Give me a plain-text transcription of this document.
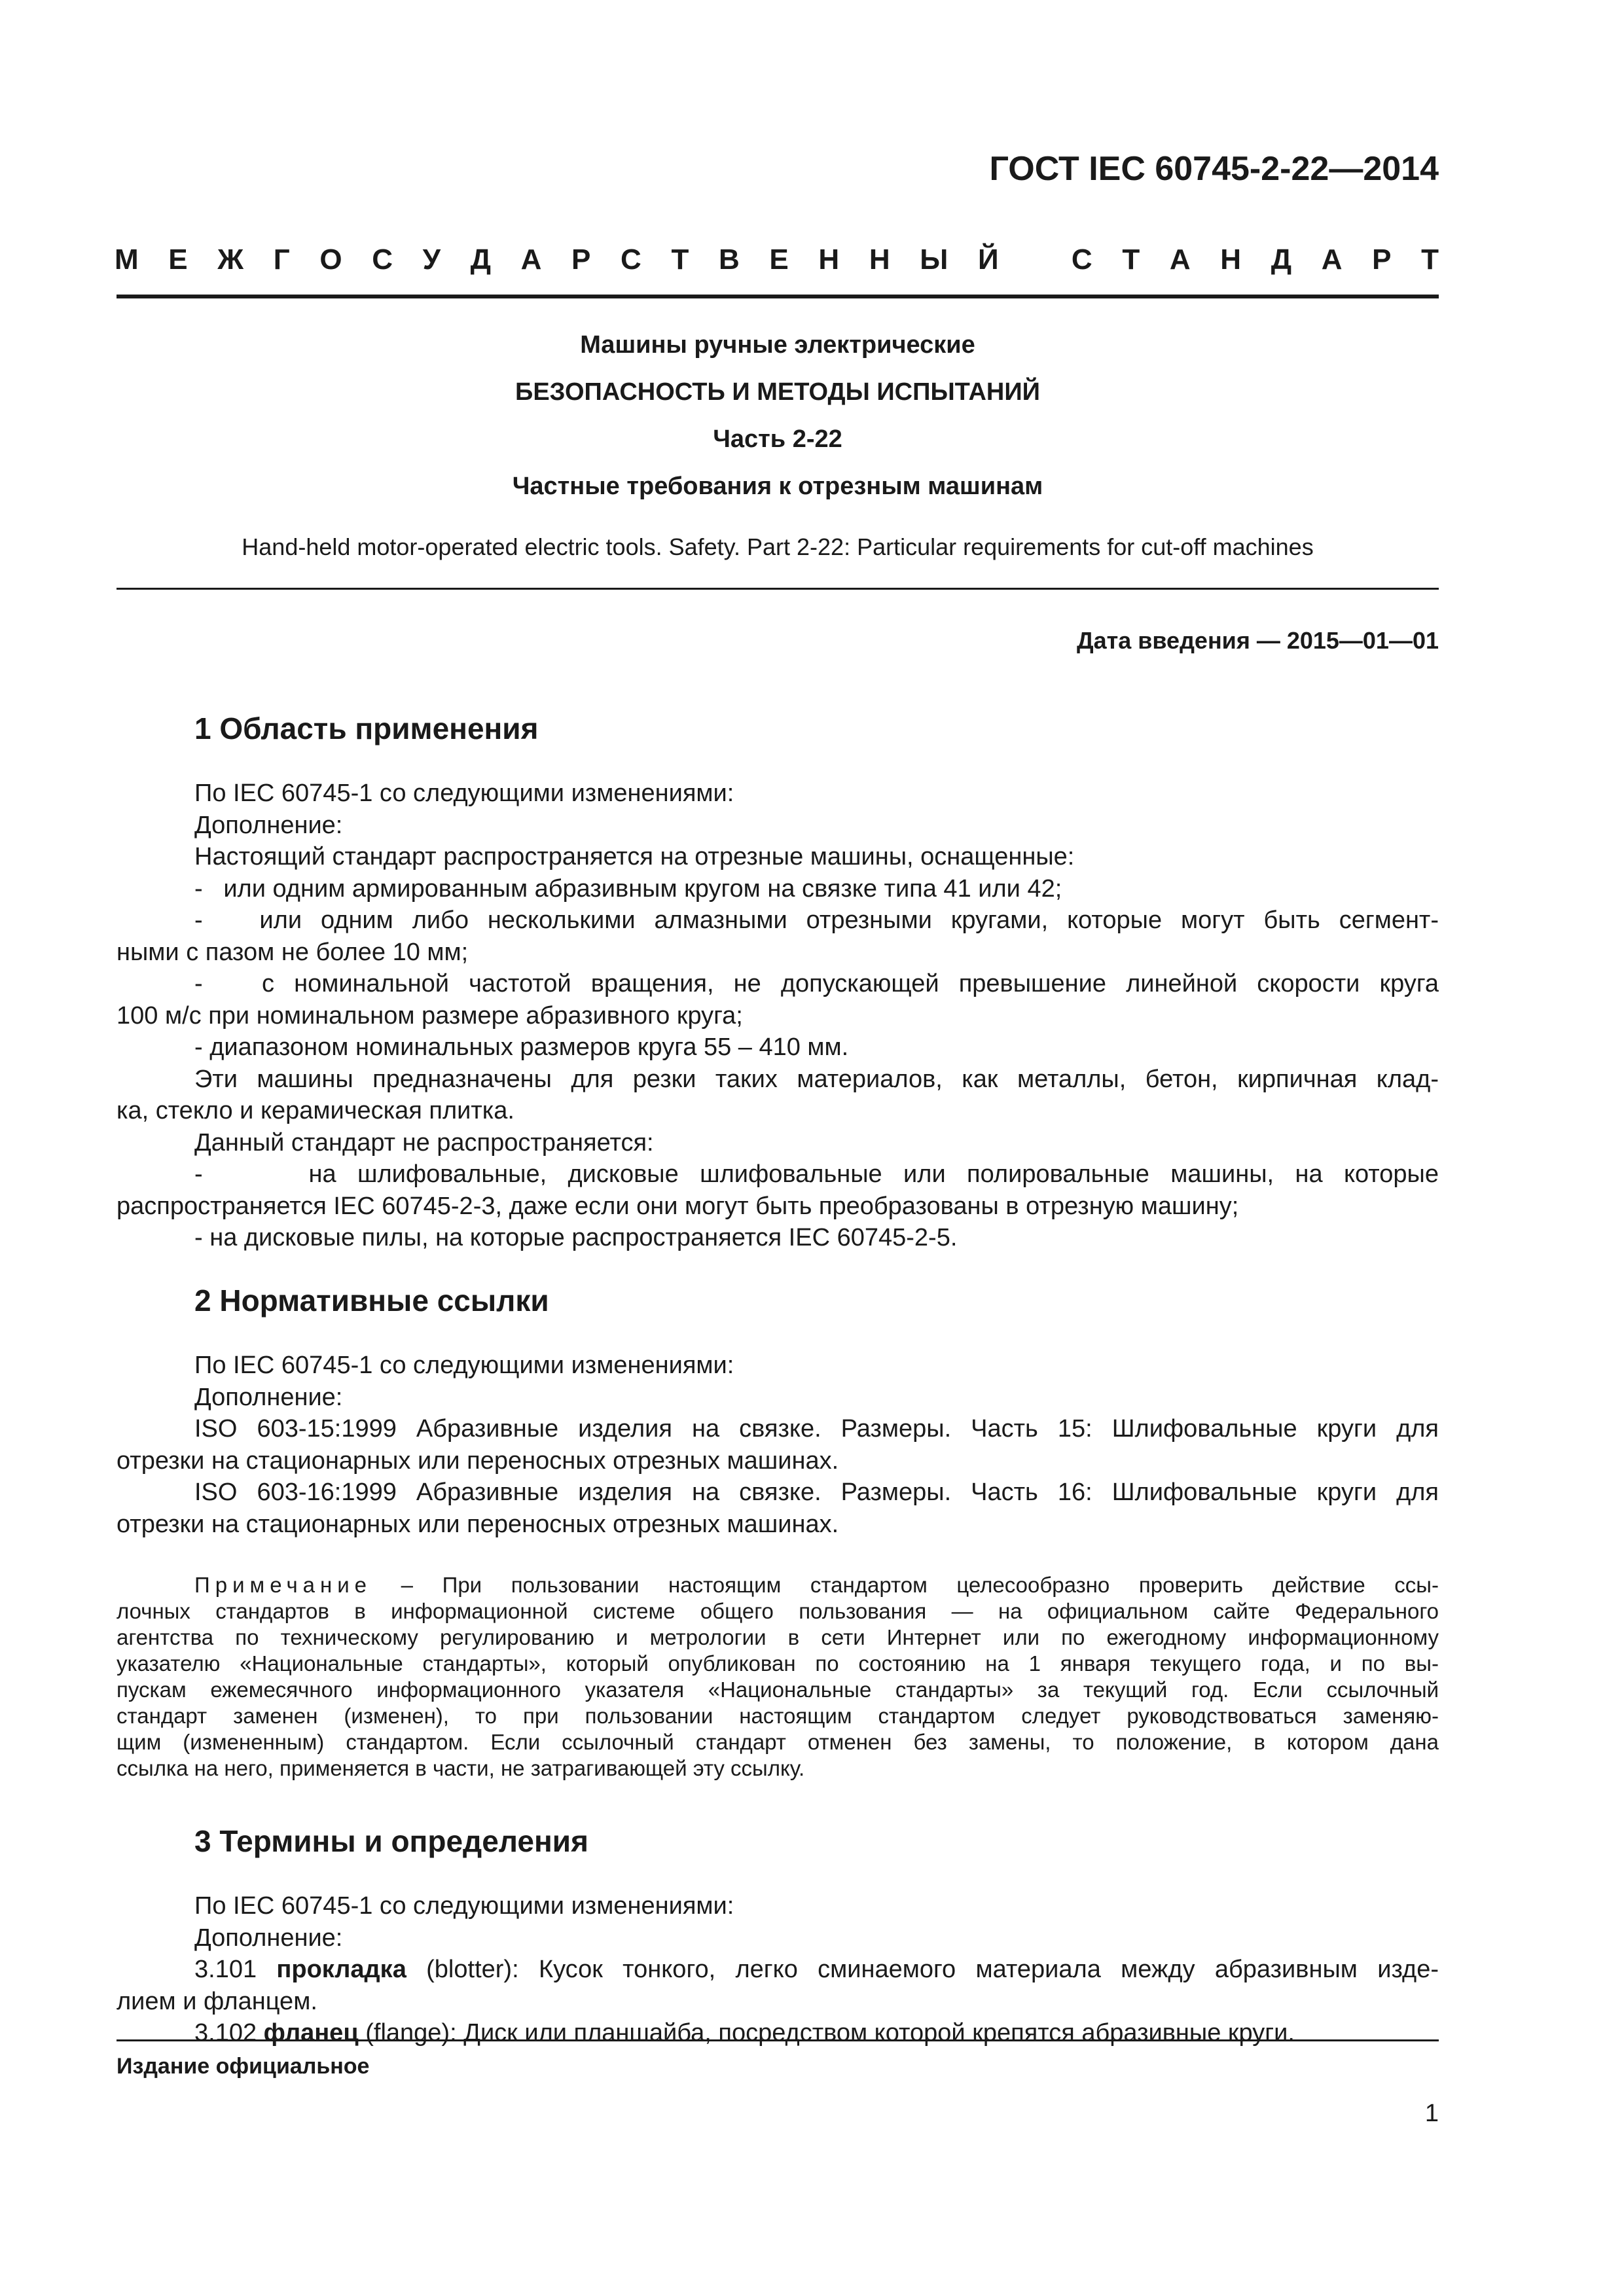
ГОСТ IEC 60745-2-22—2014
М Е Ж Г О С У Д А Р С Т В Е Н Н Ы Й	С Т А Н Д А Р Т
Машины ручные электрические
БЕЗОПАСНОСТЬ И МЕТОДЫ ИСПЫТАНИЙ
Часть 2-22
Частные требования к отрезным машинам
Hand-held motor-operated electric tools. Safety. Part 2-22: Particular requirements for cut-off machines
Дата введения — 2015—01—01
1 Область применения

По IEC 60745-1 со следующими изменениями:

Дополнение:

Настоящий стандарт распространяется на отрезные машины, оснащенные:

-   или одним армированным абразивным кругом на связке типа 41 или 42;

-   или одним либо несколькими алмазными отрезными кругами, которые могут быть сегмент-

ными с пазом не более 10 мм;

-   с номинальной частотой вращения, не допускающей превышение линейной скорости круга

100 м/с при номинальном размере абразивного круга;

- диапазоном номинальных размеров круга 55 – 410 мм.

Эти машины предназначены для резки таких материалов, как металлы, бетон, кирпичная клад-

ка, стекло и керамическая плитка.

Данный стандарт не распространяется:

-     на шлифовальные, дисковые шлифовальные или полировальные машины, на которые

распространяется IEC 60745-2-3, даже если они могут быть преобразованы в отрезную машину;

- на дисковые пилы, на которые распространяется IEC 60745-2-5.

2 Нормативные ссылки

По IEC 60745-1 со следующими изменениями:

Дополнение:

ISO 603-15:1999 Абразивные изделия на связке. Размеры. Часть 15: Шлифовальные круги для

отрезки на стационарных или переносных отрезных машинах.

ISO 603-16:1999 Абразивные изделия на связке. Размеры. Часть 16: Шлифовальные круги для

отрезки на стационарных или переносных отрезных машинах.

Примечание – При пользовании настоящим стандартом целесообразно проверить действие ссы-

лочных стандартов в информационной системе общего пользования — на официальном сайте Федерального

агентства по техническому регулированию и метрологии в сети Интернет или по ежегодному информационному

указателю «Национальные стандарты», который опубликован по состоянию на 1 января текущего года, и по вы-

пускам ежемесячного информационного указателя «Национальные стандарты» за текущий год. Если ссылочный

стандарт заменен (изменен), то при пользовании настоящим стандартом следует руководствоваться заменяю-

щим (измененным) стандартом. Если ссылочный стандарт отменен без замены, то положение, в котором дана

ссылка на него, применяется в части, не затрагивающей эту ссылку.

3 Термины и определения

По IEC 60745-1 со следующими изменениями:

Дополнение:

3.101 прокладка (blotter): Кусок тонкого, легко сминаемого материала между абразивным изде-

лием и фланцем.

3.102 фланец (flange): Диск или планшайба, посредством которой крепятся абразивные круги.

Издание официальное
1
